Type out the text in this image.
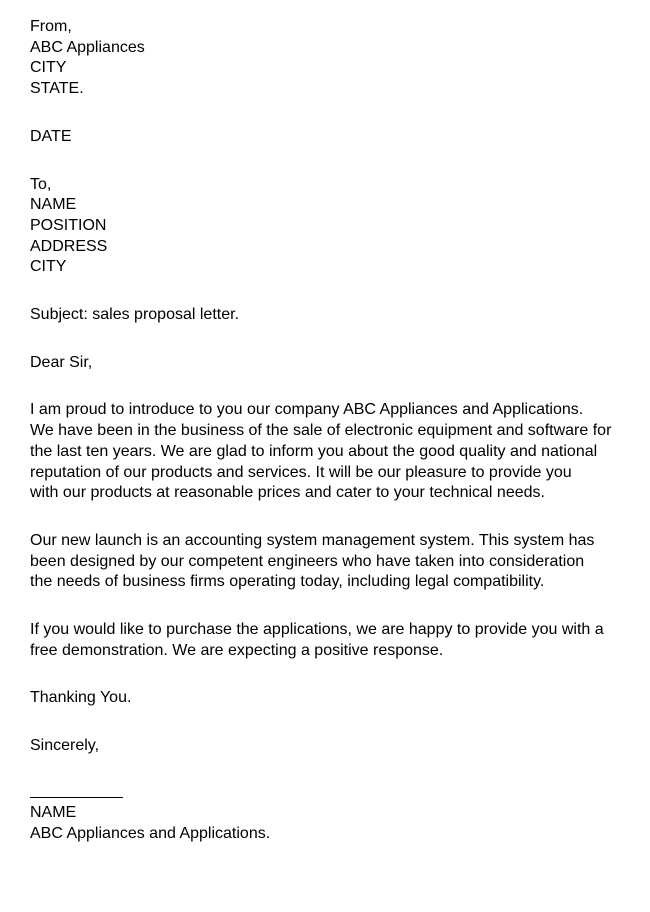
From,
ABC Appliances
CITY
STATE.
DATE
To,
NAME
POSITION
ADDRESS
CITY
Subject: sales proposal letter.
Dear Sir,
I am proud to introduce to you our company ABC Appliances and Applications.
We have been in the business of the sale of electronic equipment and software for
the last ten years. We are glad to inform you about the good quality and national
reputation of our products and services. It will be our pleasure to provide you
with our products at reasonable prices and cater to your technical needs.
Our new launch is an accounting system management system. This system has
been designed by our competent engineers who have taken into consideration
the needs of business firms operating today, including legal compatibility.
If you would like to purchase the applications, we are happy to provide you with a
free demonstration. We are expecting a positive response.
Thanking You.
Sincerely,
NAME
ABC Appliances and Applications.
